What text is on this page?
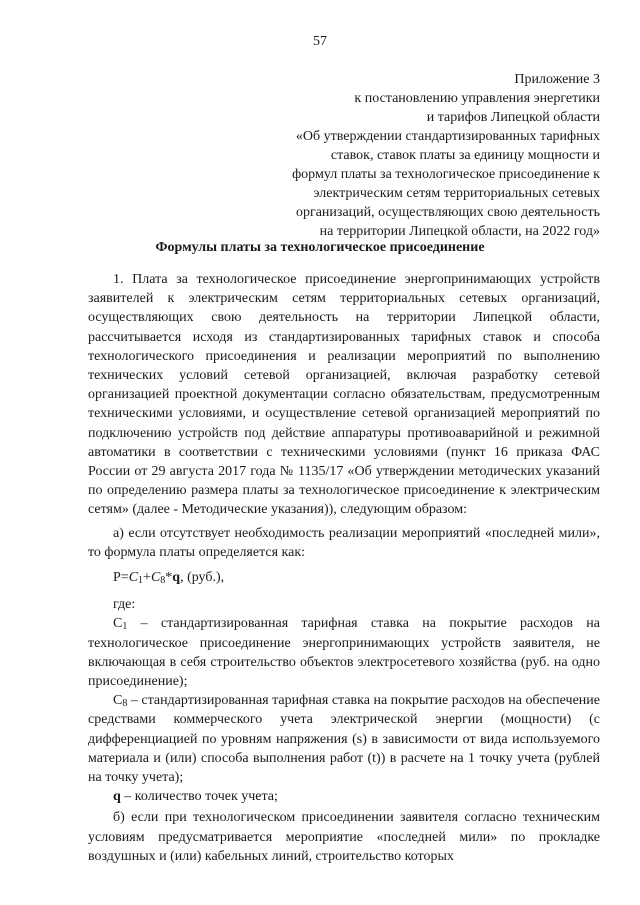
57
Приложение 3
к постановлению управления энергетики
и тарифов Липецкой области
«Об утверждении стандартизированных тарифных
ставок, ставок платы за единицу мощности и
формул платы за технологическое присоединение к
электрическим сетям территориальных сетевых
организаций, осуществляющих свою деятельность
на территории Липецкой области, на 2022 год»
Формулы платы за технологическое присоединение

1. Плата за технологическое присоединение энергопринимающих устройств заявителей к электрическим сетям территориальных сетевых организаций, осуществляющих свою деятельность на территории Липецкой области, рассчитывается исходя из стандартизированных тарифных ставок и способа технологического присоединения и реализации мероприятий по выполнению технических условий сетевой организацией, включая разработку сетевой организацией проектной документации согласно обязательствам, предусмотренным техническими условиями, и осуществление сетевой организацией мероприятий по подключению устройств под действие аппаратуры противоаварийной и режимной автоматики в соответствии с техническими условиями (пункт 16 приказа ФАС России от 29 августа 2017 года № 1135/17 «Об утверждении методических указаний по определению размера платы за технологическое присоединение к электрическим сетям» (далее - Методические указания)), следующим образом:

а) если отсутствует необходимость реализации мероприятий «последней мили», то формула платы определяется как:

$P=C_1+C_8*q$, (руб.),

где:

$C_1$ – стандартизированная тарифная ставка на покрытие расходов на технологическое присоединение энергопринимающих устройств заявителя, не включающая в себя строительство объектов электросетевого хозяйства (руб. на одно присоединение);

$C_8$ – стандартизированная тарифная ставка на покрытие расходов на обеспечение средствами коммерческого учета электрической энергии (мощности) (с дифференциацией по уровням напряжения (s) в зависимости от вида используемого материала и (или) способа выполнения работ (t)) в расчете на 1 точку учета (рублей на точку учета);

q – количество точек учета;

б) если при технологическом присоединении заявителя согласно техническим условиям предусматривается мероприятие «последней мили» по прокладке воздушных и (или) кабельных линий, строительство которых
